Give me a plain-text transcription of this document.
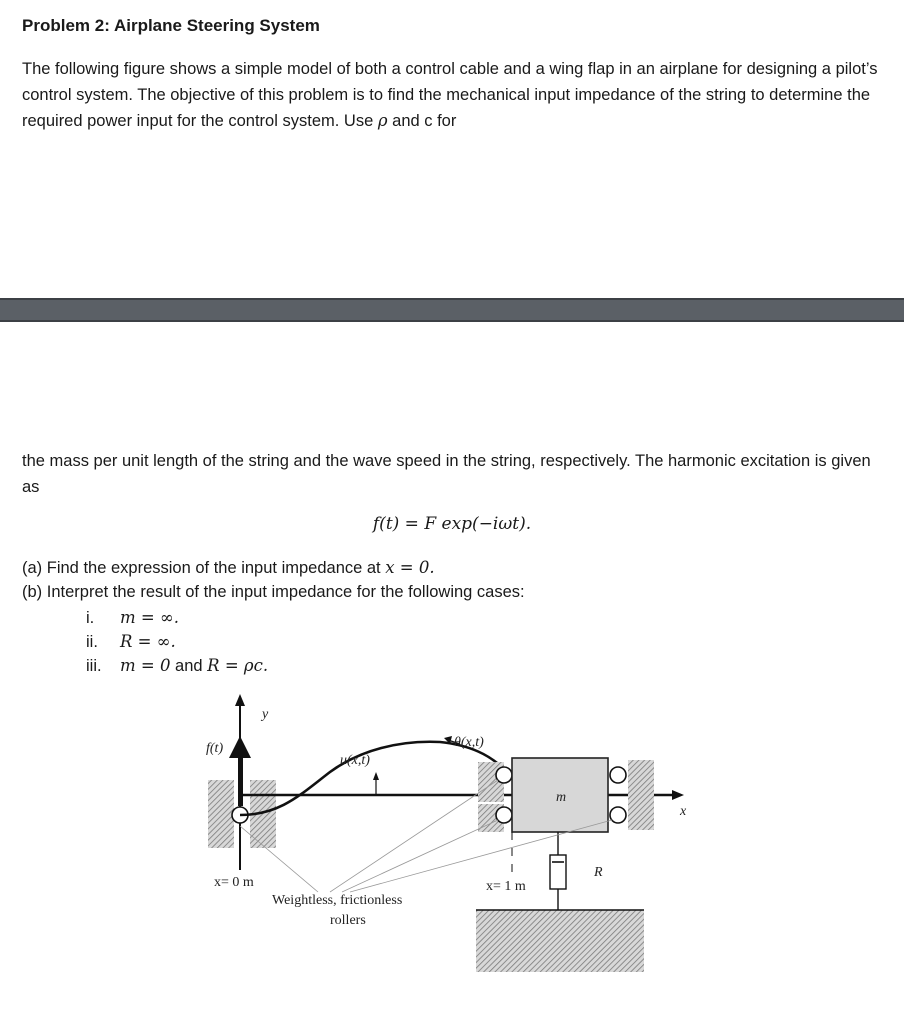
Problem 2: Airplane Steering System

The following figure shows a simple model of both a control cable and a wing flap in an airplane for designing a pilot’s control system. The objective of this problem is to find the mechanical input impedance of the string to determine the required power input for the control system. Use ρ and c for

the mass per unit length of the string and the wave speed in the string, respectively. The harmonic excitation is given as

f(t) = F exp(−iωt).
(a) Find the expression of the input impedance at x = 0.
(b) Interpret the result of the input impedance for the following cases:
i. m = ∞.
ii. R = ∞.
iii. m = 0 and R = ρc.
y
x
f(t)
u(x,t)
θ(x,t)
m
R
x= 0 m	x= 1 m
Weightless, frictionless
rollers
